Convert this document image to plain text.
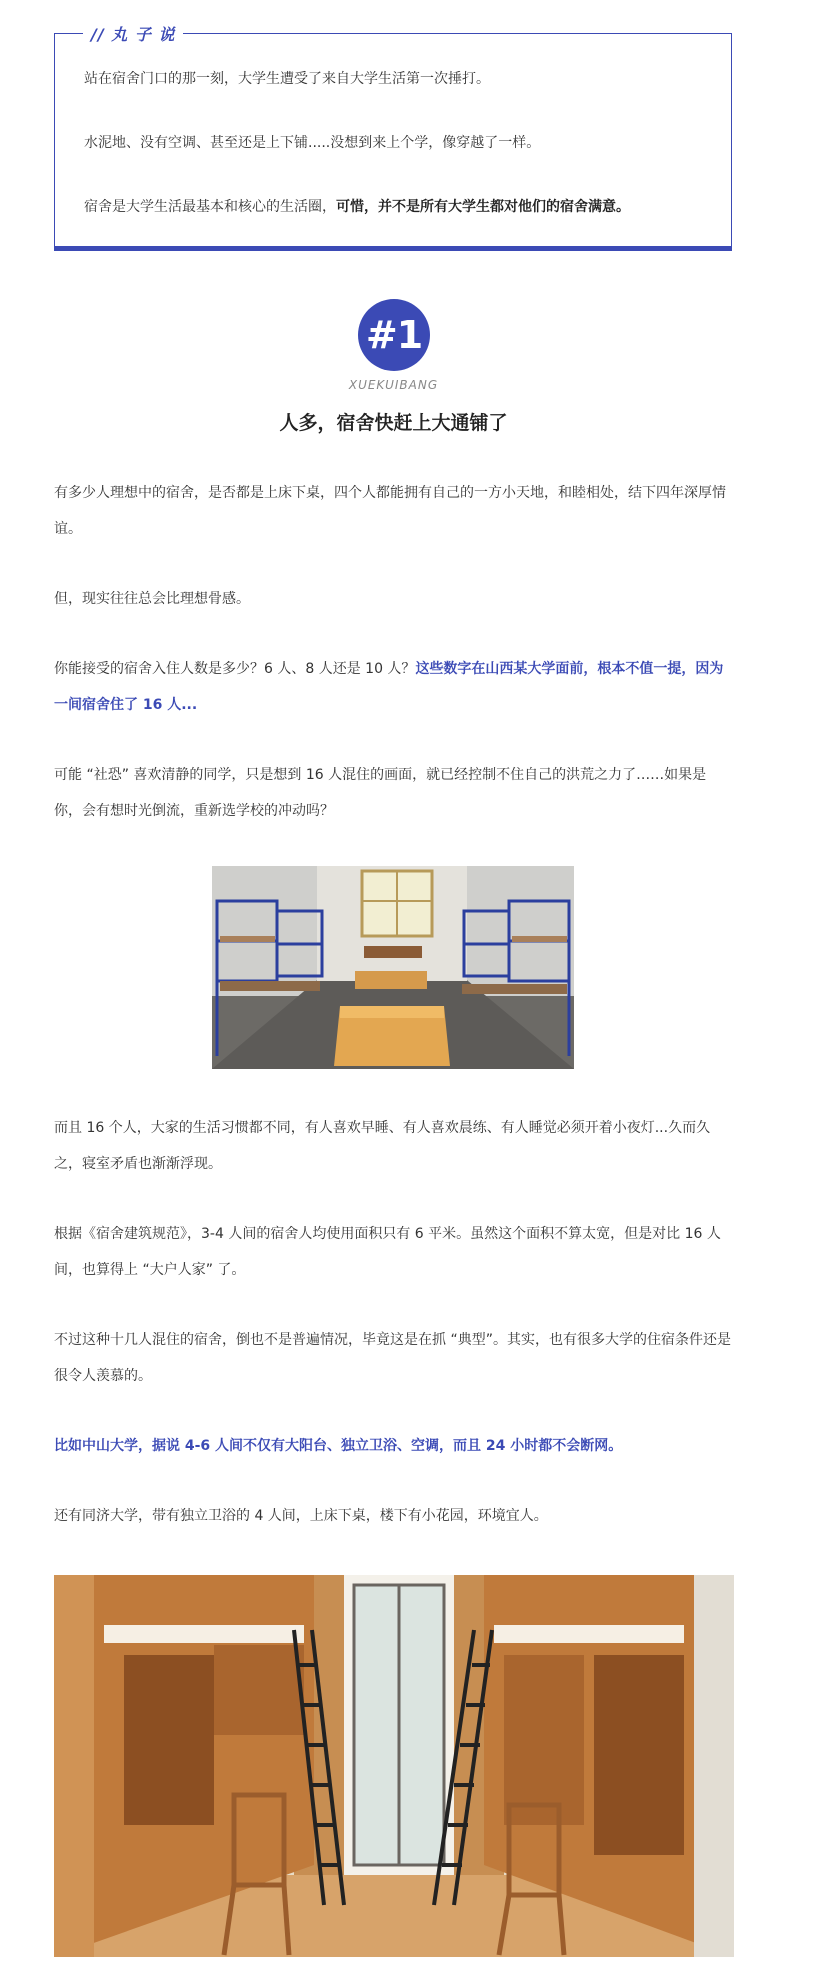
// 丸 子 说
站在宿舍门口的那一刻，大学生遭受了来自大学生活第一次捶打。
水泥地、没有空调、甚至还是上下铺.....没想到来上个学，像穿越了一样。
宿舍是大学生活最基本和核心的生活圈，可惜，并不是所有大学生都对他们的宿舍满意。
#1
XUEKUIBANG
人多，宿舍快赶上大通铺了
有多少人理想中的宿舍，是否都是上床下桌，四个人都能拥有自己的一方小天地，和睦相处，结下四年深厚情谊。
但，现实往往总会比理想骨感。
你能接受的宿舍入住人数是多少？6 人、8 人还是 10 人？这些数字在山西某大学面前，根本不值一提，因为一间宿舍住了 16 人...
可能 “社恐” 喜欢清静的同学，只是想到 16 人混住的画面，就已经控制不住自己的洪荒之力了……如果是你，会有想时光倒流，重新选学校的冲动吗？
而且 16 个人，大家的生活习惯都不同，有人喜欢早睡、有人喜欢晨练、有人睡觉必须开着小夜灯...久而久之，寝室矛盾也渐渐浮现。
根据《宿舍建筑规范》，3-4 人间的宿舍人均使用面积只有 6 平米。虽然这个面积不算太宽，但是对比 16 人间，也算得上 “大户人家” 了。
不过这种十几人混住的宿舍，倒也不是普遍情况，毕竟这是在抓 “典型”。其实，也有很多大学的住宿条件还是很令人羡慕的。
比如中山大学，据说 4-6 人间不仅有大阳台、独立卫浴、空调，而且 24 小时都不会断网。
还有同济大学，带有独立卫浴的 4 人间，上床下桌，楼下有小花园，环境宜人。
